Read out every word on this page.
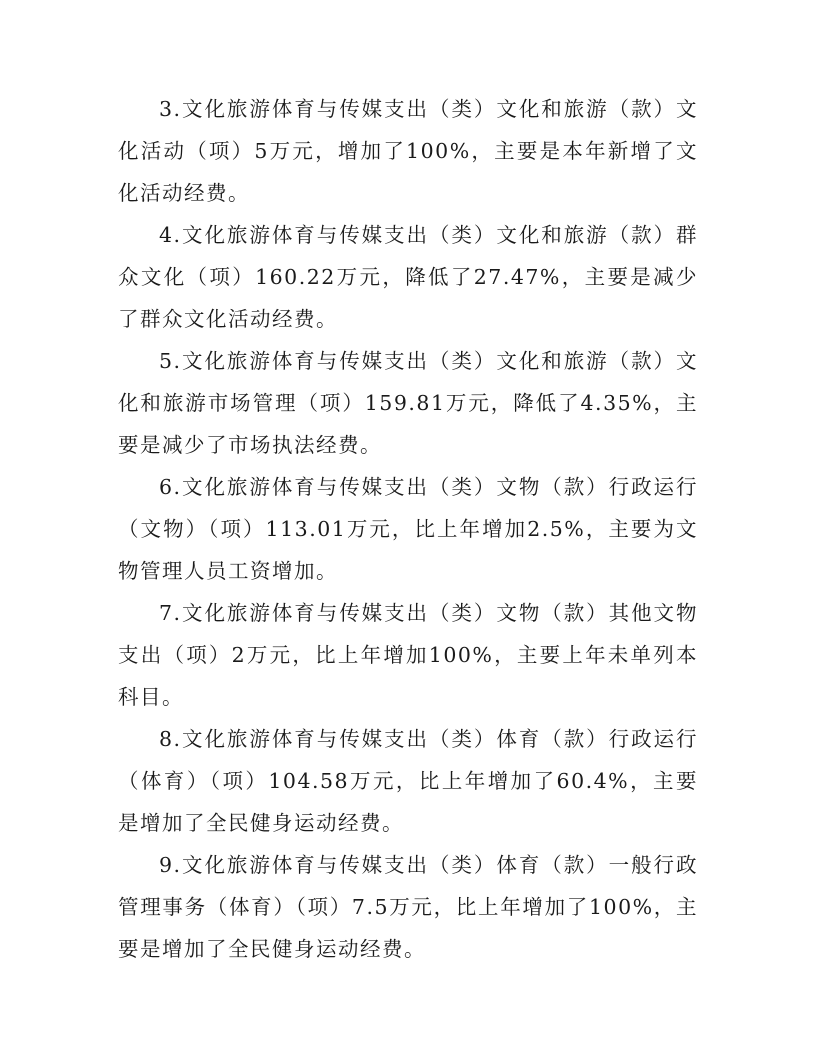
3.文化旅游体育与传媒支出（类）文化和旅游（款）文化活动（项）5万元，增加了100%，主要是本年新增了文化活动经费。

4.文化旅游体育与传媒支出（类）文化和旅游（款）群众文化（项）160.22万元，降低了27.47%，主要是减少了群众文化活动经费。

5.文化旅游体育与传媒支出（类）文化和旅游（款）文化和旅游市场管理（项）159.81万元，降低了4.35%，主要是减少了市场执法经费。

6.文化旅游体育与传媒支出（类）文物（款）行政运行（文物）（项）113.01万元，比上年增加2.5%，主要为文物管理人员工资增加。

7.文化旅游体育与传媒支出（类）文物（款）其他文物支出（项）2万元，比上年增加100%，主要上年未单列本科目。

8.文化旅游体育与传媒支出（类）体育（款）行政运行（体育）（项）104.58万元，比上年增加了60.4%，主要是增加了全民健身运动经费。

9.文化旅游体育与传媒支出（类）体育（款）一般行政管理事务（体育）（项）7.5万元，比上年增加了100%，主要是增加了全民健身运动经费。
